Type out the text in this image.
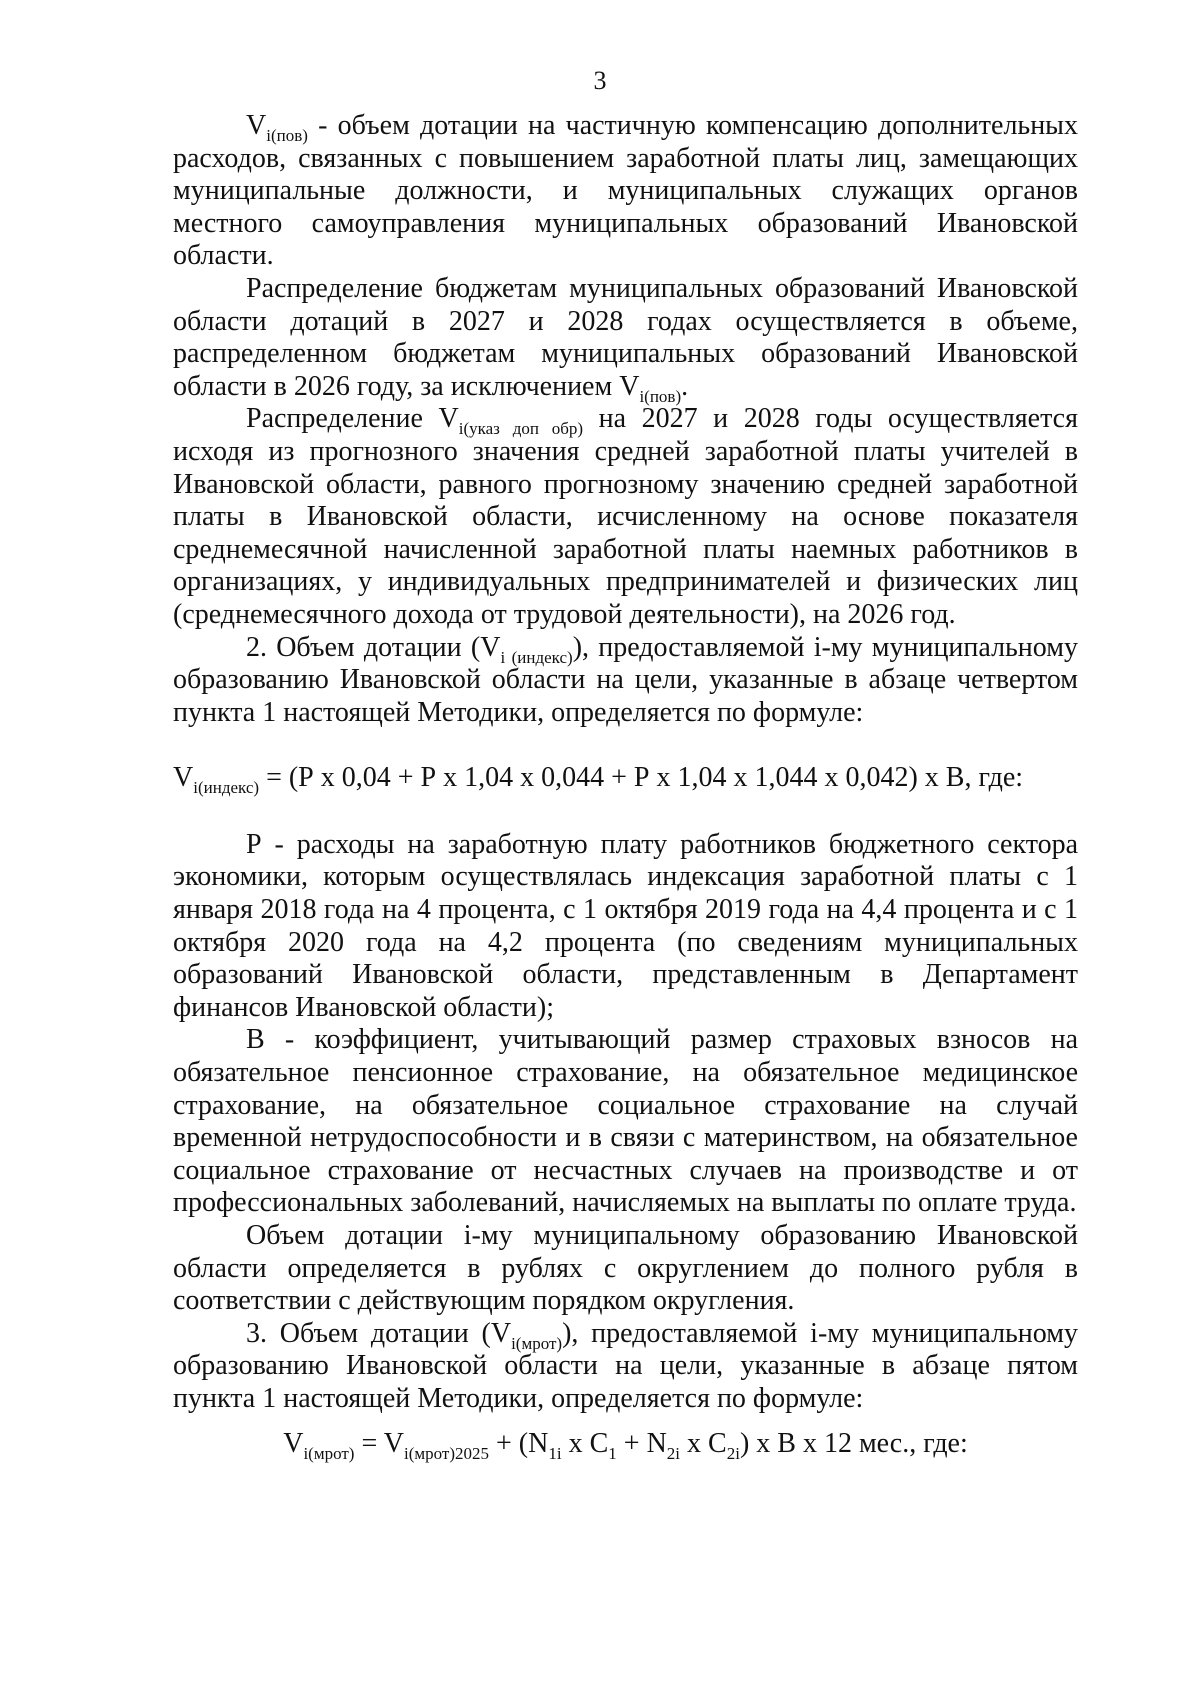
3

$V_{i(пов)}$ - объем дотации на частичную компенсацию дополнительных расходов, связанных с повышением заработной платы лиц, замещающих муниципальные должности, и муниципальных служащих органов местного самоуправления муниципальных образований Ивановской области.

Распределение бюджетам муниципальных образований Ивановской области дотаций в 2027 и 2028 годах осуществляется в объеме, распределенном бюджетам муниципальных образований Ивановской области в 2026 году, за исключением $V_{i(пов)}$.

Распределение $V_{i(указ доп обр)}$ на 2027 и 2028 годы осуществляется исходя из прогнозного значения средней заработной платы учителей в Ивановской области, равного прогнозному значению средней заработной платы в Ивановской области, исчисленному на основе показателя среднемесячной начисленной заработной платы наемных работников в организациях, у индивидуальных предпринимателей и физических лиц (среднемесячного дохода от трудовой деятельности), на 2026 год.

2. Объем дотации $(V_{i (индекс)})$, предоставляемой i-му муниципальному образованию Ивановской области на цели, указанные в абзаце четвертом пункта 1 настоящей Методики, определяется по формуле:

$V_{i(индекс)} = (Р$ х 0,04 + Р х 1,04 х 0,044 + Р х 1,04 х 1,044 х 0,042) х В, где:

Р - расходы на заработную плату работников бюджетного сектора экономики, которым осуществлялась индексация заработной платы с 1 января 2018 года на 4 процента, с 1 октября 2019 года на 4,4 процента и с 1 октября 2020 года на 4,2 процента (по сведениям муниципальных образований Ивановской области, представленным в Департамент финансов Ивановской области);

В - коэффициент, учитывающий размер страховых взносов на обязательное пенсионное страхование, на обязательное медицинское страхование, на обязательное социальное страхование на случай временной нетрудоспособности и в связи с материнством, на обязательное социальное страхование от несчастных случаев на производстве и от профессиональных заболеваний, начисляемых на выплаты по оплате труда.

Объем дотации i-му муниципальному образованию Ивановской области определяется в рублях с округлением до полного рубля в соответствии с действующим порядком округления.

3. Объем дотации $(V_{i(мрот)})$, предоставляемой i-му муниципальному образованию Ивановской области на цели, указанные в абзаце пятом пункта 1 настоящей Методики, определяется по формуле:

$V_{i(мрот)} = V_{i(мрот)2025} + (N_{1i}$ х $С_1 + N_{2i}$ х $С_{2i}$) х В х 12 мес., где:
